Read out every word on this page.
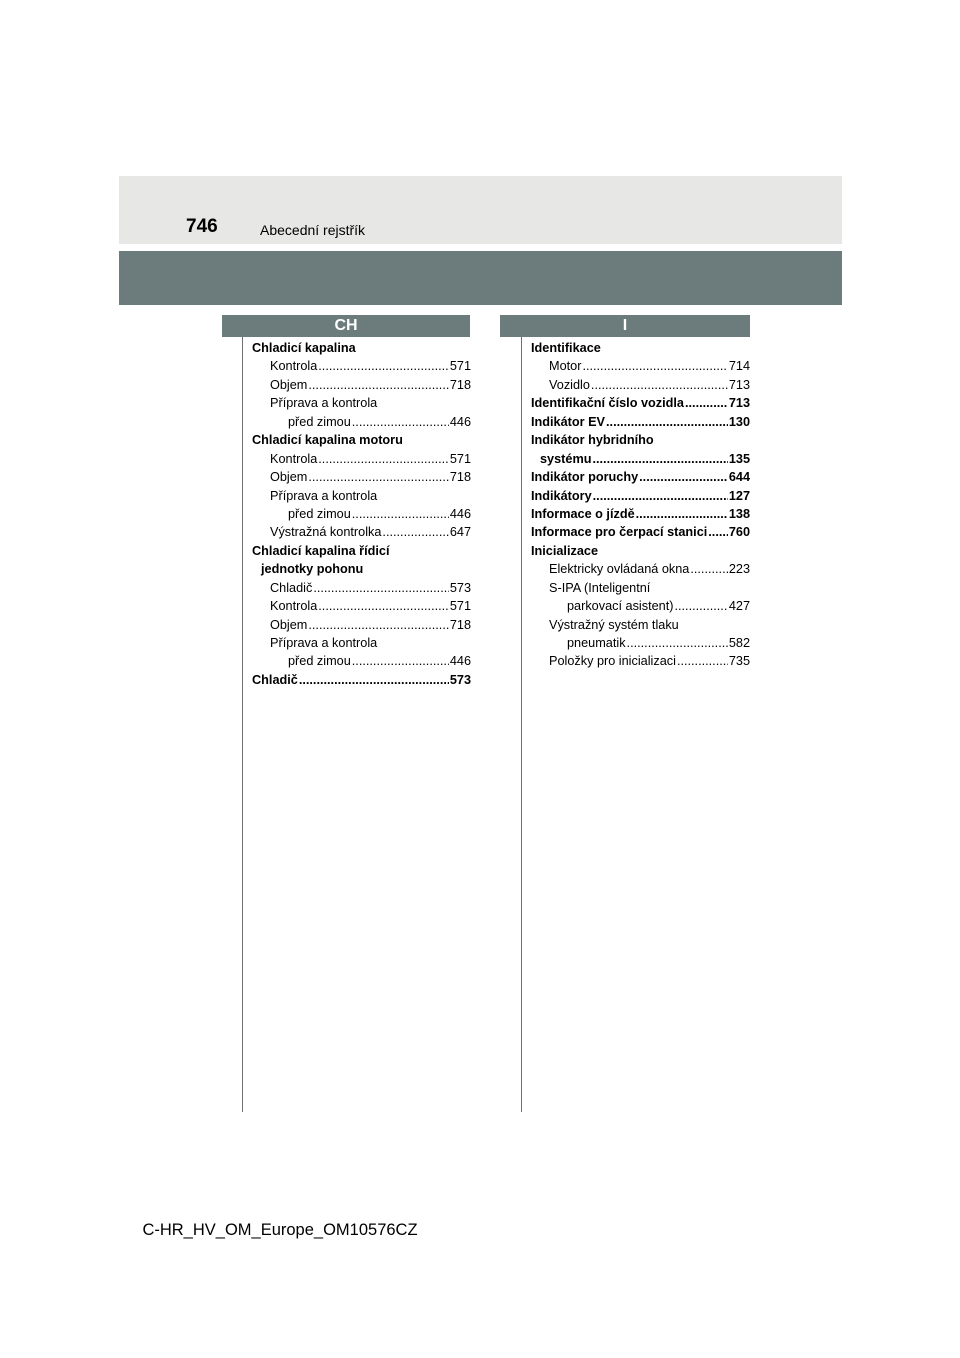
746	Abecední rejstřík
CH	I
Chladicí kapalina
Kontrola .....	571
Objem .....	718
Příprava a kontrola
před zimou .....	446
Chladicí kapalina motoru
Kontrola .....	571
Objem .....	718
Příprava a kontrola
před zimou .....	446
Výstražná kontrolka .....	647
Chladicí kapalina řídicí
jednotky pohonu
Chladič .....	573
Kontrola .....	571
Objem .....	718
Příprava a kontrola
před zimou .....	446
Chladič .....	573
Identifikace
Motor .....	714
Vozidlo .....	713
Identifikační číslo vozidla .....	713
Indikátor EV .....	130
Indikátor hybridního
systému .....	135
Indikátor poruchy .....	644
Indikátory .....	127
Informace o jízdě .....	138
Informace pro čerpací stanici ..... 760
Inicializace
Elektricky ovládaná okna .....	223
S-IPA (Inteligentní
parkovací asistent) .....	427
Výstražný systém tlaku
pneumatik .....	582
Položky pro inicializaci .....	735
C-HR_HV_OM_Europe_OM10576CZ
